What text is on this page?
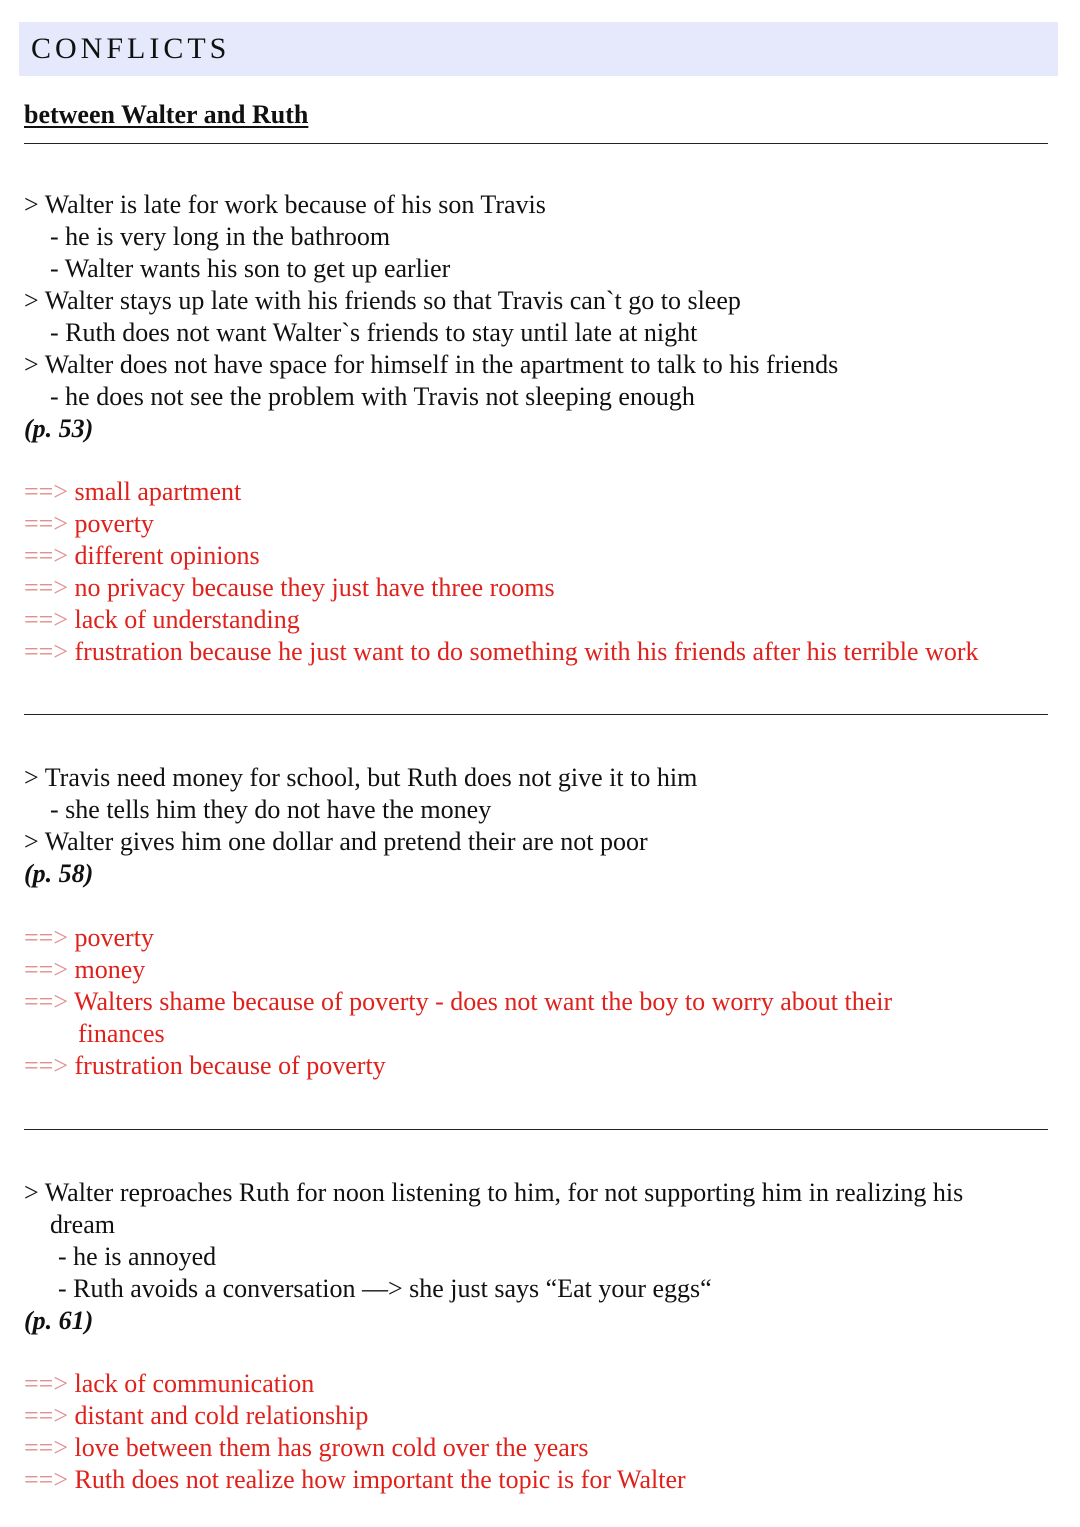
CONFLICTS
between Walter and Ruth
> Walter is late for work because of his son Travis
- he is very long in the bathroom
- Walter wants his son to get up earlier
> Walter stays up late with his friends so that Travis can`t go to sleep
- Ruth does not want Walter`s friends to stay until late at night
> Walter does not have space for himself in the apartment to talk to his friends
- he does not see the problem with Travis not sleeping enough
(p. 53)
==> small apartment
==> poverty
==> different opinions
==> no privacy because they just have three rooms
==> lack of understanding
==> frustration because he just want to do something with his friends after his terrible work
> Travis need money for school, but Ruth does not give it to him
- she tells him they do not have the money
> Walter gives him one dollar and pretend their are not poor
(p. 58)
==> poverty
==> money
==> Walters shame because of poverty - does not want the boy to worry about their
finances
==> frustration because of poverty
> Walter reproaches Ruth for noon listening to him, for not supporting him in realizing his
dream
- he is annoyed
- Ruth avoids a conversation —> she just says “Eat your eggs“
(p. 61)
==> lack of communication
==> distant and cold relationship
==> love between them has grown cold over the years
==> Ruth does not realize how important the topic is for Walter
